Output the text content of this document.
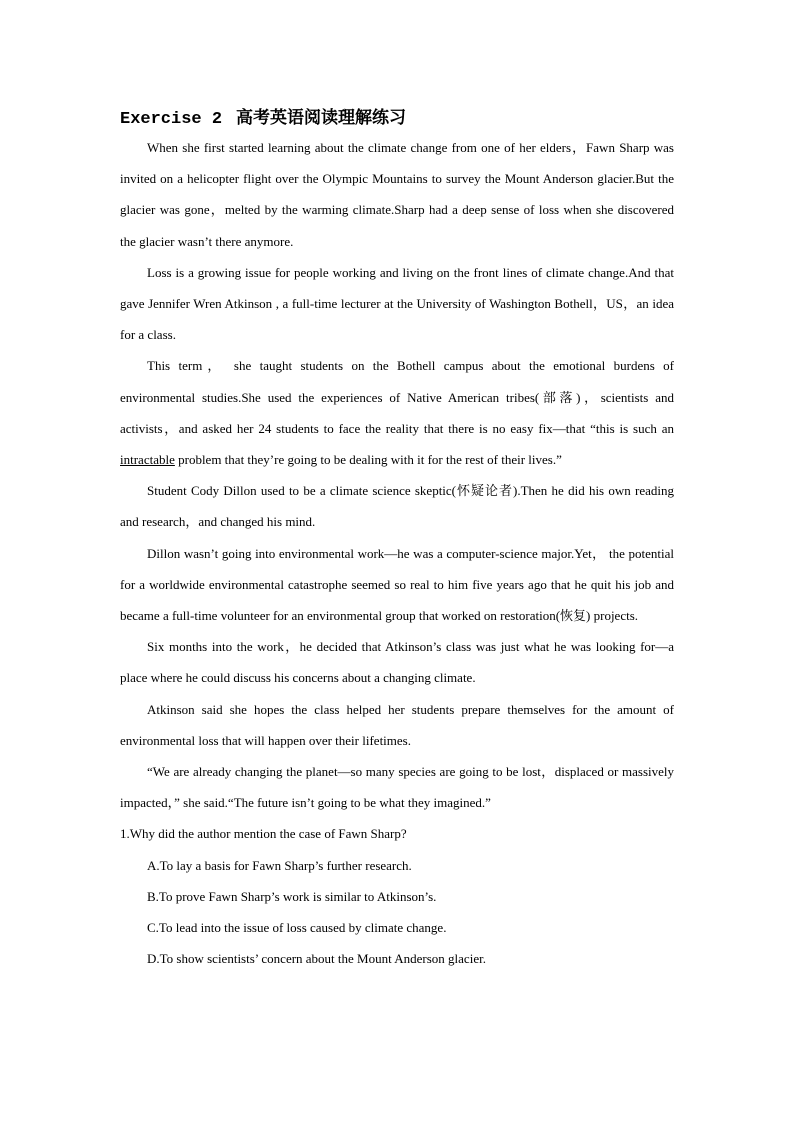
Exercise 2 高考英语阅读理解练习

When she first started learning about the climate change from one of her elders，Fawn Sharp was invited on a helicopter flight over the Olympic Mountains to survey the Mount Anderson glacier.But the glacier was gone，melted by the warming climate.Sharp had a deep sense of loss when she discovered the glacier wasn’t there anymore.

Loss is a growing issue for people working and living on the front lines of climate change.And that gave Jennifer Wren Atkinson , a full-time lecturer at the University of Washington Bothell，US，an idea for a class.

This term， she taught students on the Bothell campus about the emotional burdens of environmental studies.She used the experiences of Native American tribes(部落)，scientists and activists，and asked her 24 students to face the reality that there is no easy fix—that “this is such an intractable problem that they’re going to be dealing with it for the rest of their lives.”

Student Cody Dillon used to be a climate science skeptic(怀疑论者).Then he did his own reading and research，and changed his mind.

Dillon wasn’t going into environmental work—he was a computer-science major.Yet， the potential for a worldwide environmental catastrophe seemed so real to him five years ago that he quit his job and became a full-time volunteer for an environmental group that worked on restoration(恢复) projects.

Six months into the work，he decided that Atkinson’s class was just what he was looking for—a place where he could discuss his concerns about a changing climate.

Atkinson said she hopes the class helped her students prepare themselves for the amount of environmental loss that will happen over their lifetimes.

“We are already changing the planet—so many species are going to be lost，displaced or massively impacted，” she said.“The future isn’t going to be what they imagined.”

1.Why did the author mention the case of Fawn Sharp?

A.To lay a basis for Fawn Sharp’s further research.

B.To prove Fawn Sharp’s work is similar to Atkinson’s.

C.To lead into the issue of loss caused by climate change.

D.To show scientists’ concern about the Mount Anderson glacier.
